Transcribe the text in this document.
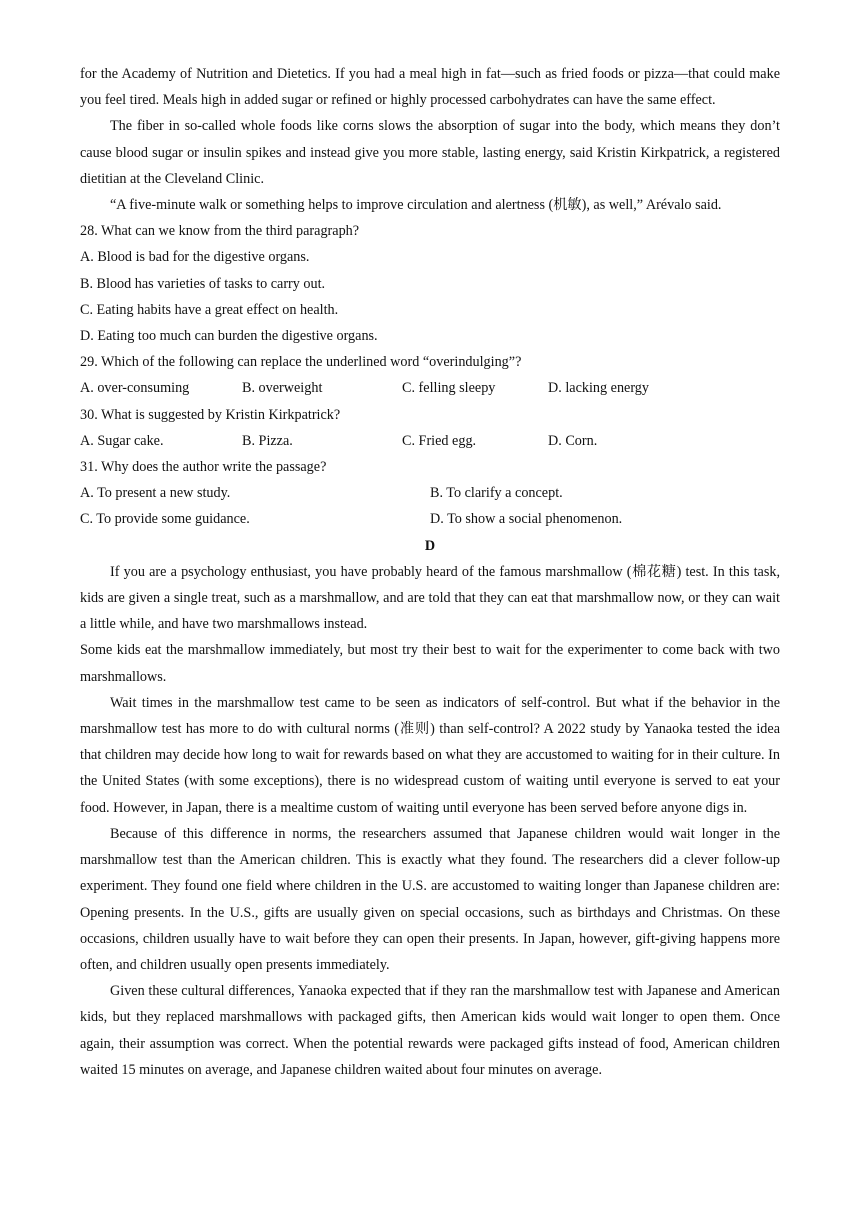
for the Academy of Nutrition and Dietetics. If you had a meal high in fat—such as fried foods or pizza—that could make you feel tired. Meals high in added sugar or refined or highly processed carbohydrates can have the same effect.

The fiber in so-called whole foods like corns slows the absorption of sugar into the body, which means they don’t cause blood sugar or insulin spikes and instead give you more stable, lasting energy, said Kristin Kirkpatrick, a registered dietitian at the Cleveland Clinic.

“A five-minute walk or something helps to improve circulation and alertness (机敏), as well,” Arévalo said.

28. What can we know from the third paragraph?

A. Blood is bad for the digestive organs.

B. Blood has varieties of tasks to carry out.

C. Eating habits have a great effect on health.

D. Eating too much can burden the digestive organs.

29. Which of the following can replace the underlined word “overindulging”?

A. over-consuming	B. overweight	C. felling sleepy	D. lacking energy

30. What is suggested by Kristin Kirkpatrick?

A. Sugar cake.	B. Pizza.	C. Fried egg.	D. Corn.

31. Why does the author write the passage?

A. To present a new study.	B. To clarify a concept.
C. To provide some guidance.	D. To show a social phenomenon.

D

If you are a psychology enthusiast, you have probably heard of the famous marshmallow (棉花糖) test. In this task, kids are given a single treat, such as a marshmallow, and are told that they can eat that marshmallow now, or they can wait a little while, and have two marshmallows instead.

Some kids eat the marshmallow immediately, but most try their best to wait for the experimenter to come back with two marshmallows.

Wait times in the marshmallow test came to be seen as indicators of self-control. But what if the behavior in the marshmallow test has more to do with cultural norms (准则) than self-control? A 2022 study by Yanaoka tested the idea that children may decide how long to wait for rewards based on what they are accustomed to waiting for in their culture. In the United States (with some exceptions), there is no widespread custom of waiting until everyone is served to eat your food. However, in Japan, there is a mealtime custom of waiting until everyone has been served before anyone digs in.

Because of this difference in norms, the researchers assumed that Japanese children would wait longer in the marshmallow test than the American children. This is exactly what they found. The researchers did a clever follow-up experiment. They found one field where children in the U.S. are accustomed to waiting longer than Japanese children are: Opening presents. In the U.S., gifts are usually given on special occasions, such as birthdays and Christmas. On these occasions, children usually have to wait before they can open their presents. In Japan, however, gift-giving happens more often, and children usually open presents immediately.

Given these cultural differences, Yanaoka expected that if they ran the marshmallow test with Japanese and American kids, but they replaced marshmallows with packaged gifts, then American kids would wait longer to open them. Once again, their assumption was correct. When the potential rewards were packaged gifts instead of food, American children waited 15 minutes on average, and Japanese children waited about four minutes on average.
